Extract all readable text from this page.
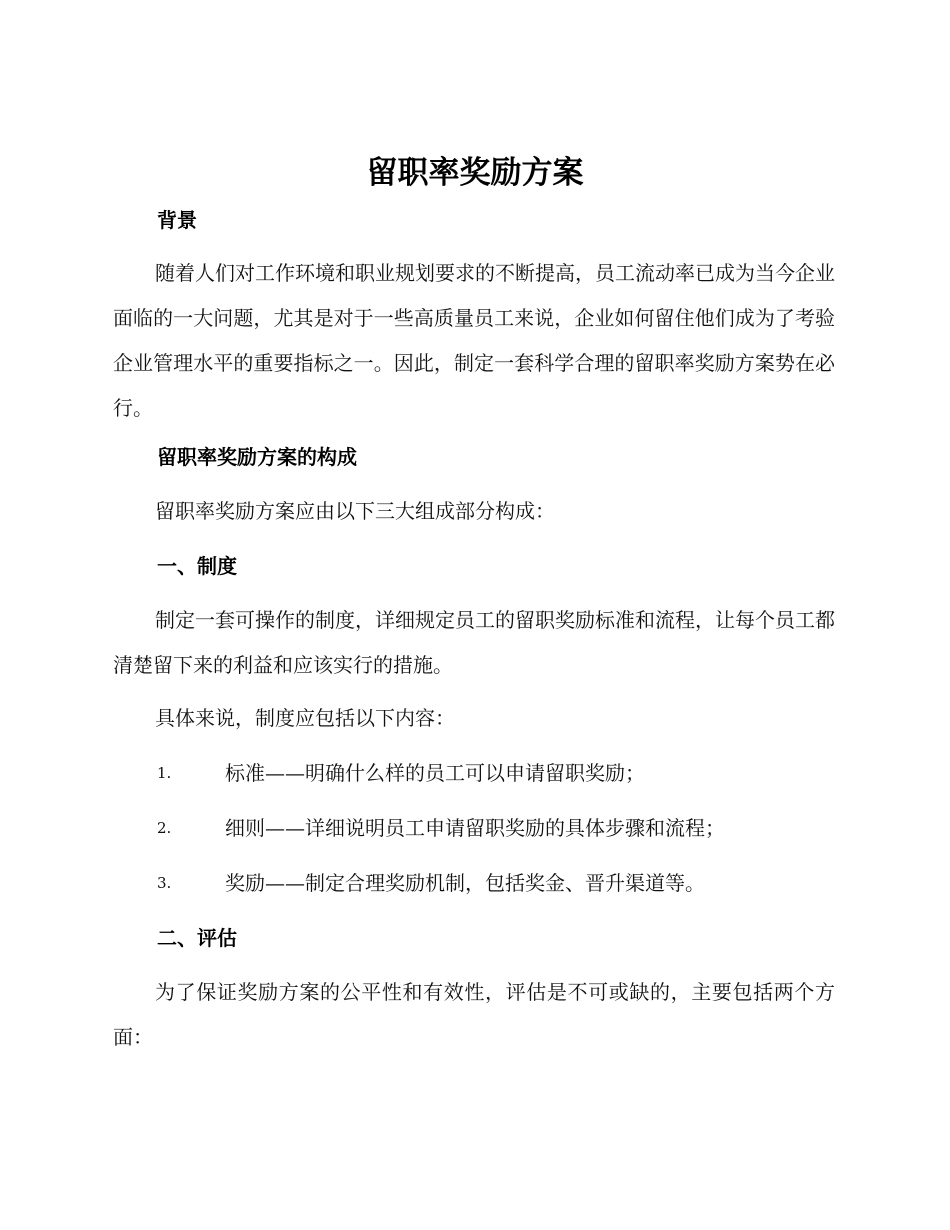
留职率奖励方案
背景

随着人们对工作环境和职业规划要求的不断提高，员工流动率已成为当今企业面临的一大问题，尤其是对于一些高质量员工来说，企业如何留住他们成为了考验企业管理水平的重要指标之一。因此，制定一套科学合理的留职率奖励方案势在必行。

留职率奖励方案的构成

留职率奖励方案应由以下三大组成部分构成：

一、制度

制定一套可操作的制度，详细规定员工的留职奖励标准和流程，让每个员工都清楚留下来的利益和应该实行的措施。

具体来说，制度应包括以下内容：

1.	标准——明确什么样的员工可以申请留职奖励；
2.	细则——详细说明员工申请留职奖励的具体步骤和流程；
3.	奖励——制定合理奖励机制，包括奖金、晋升渠道等。
二、评估

为了保证奖励方案的公平性和有效性，评估是不可或缺的，主要包括两个方面：
